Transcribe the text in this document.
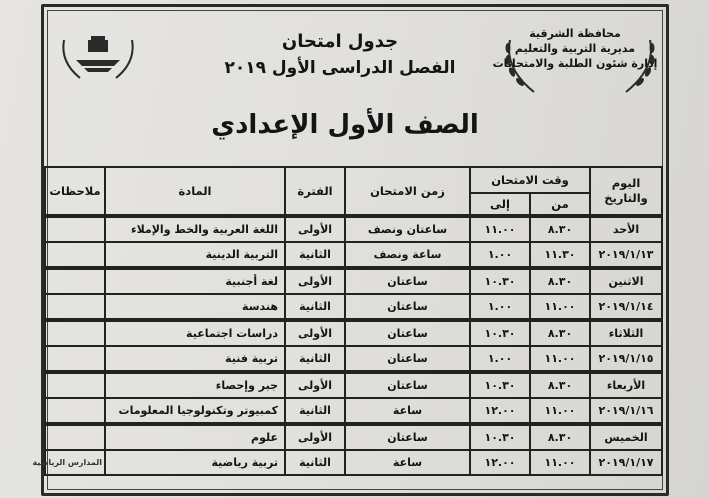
محافظة الشرقية
مديرية التربية والتعليم
إدارة شئون الطلبة والامتحانات
جدول امتحان
الفصل الدراسى الأول ٢٠١٩
الصف الأول الإعدادي
اليوم والتاريخ	وقت الامتحان		زمن الامتحان	الفترة	المادة	ملاحظات
	من	إلى				
الأحد	٨.٣٠	١١.٠٠	ساعتان ونصف	الأولى	اللغة العربية والخط والإملاء	
٢٠١٩/١/١٣	١١.٣٠	١.٠٠	ساعة ونصف	الثانية	التربية الدينية	
الاثنين	٨.٣٠	١٠.٣٠	ساعتان	الأولى	لغة أجنبية	
٢٠١٩/١/١٤	١١.٠٠	١.٠٠	ساعتان	الثانية	هندسة	
الثلاثاء	٨.٣٠	١٠.٣٠	ساعتان	الأولى	دراسات اجتماعية	
٢٠١٩/١/١٥	١١.٠٠	١.٠٠	ساعتان	الثانية	تربية فنية	
الأربعاء	٨.٣٠	١٠.٣٠	ساعتان	الأولى	جبر وإحصاء	
٢٠١٩/١/١٦	١١.٠٠	١٢.٠٠	ساعة	الثانية	كمبيوتر وتكنولوجيا المعلومات	
الخميس	٨.٣٠	١٠.٣٠	ساعتان	الأولى	علوم	
٢٠١٩/١/١٧	١١.٠٠	١٢.٠٠	ساعة	الثانية	تربية رياضية	المدارس الرياضية
